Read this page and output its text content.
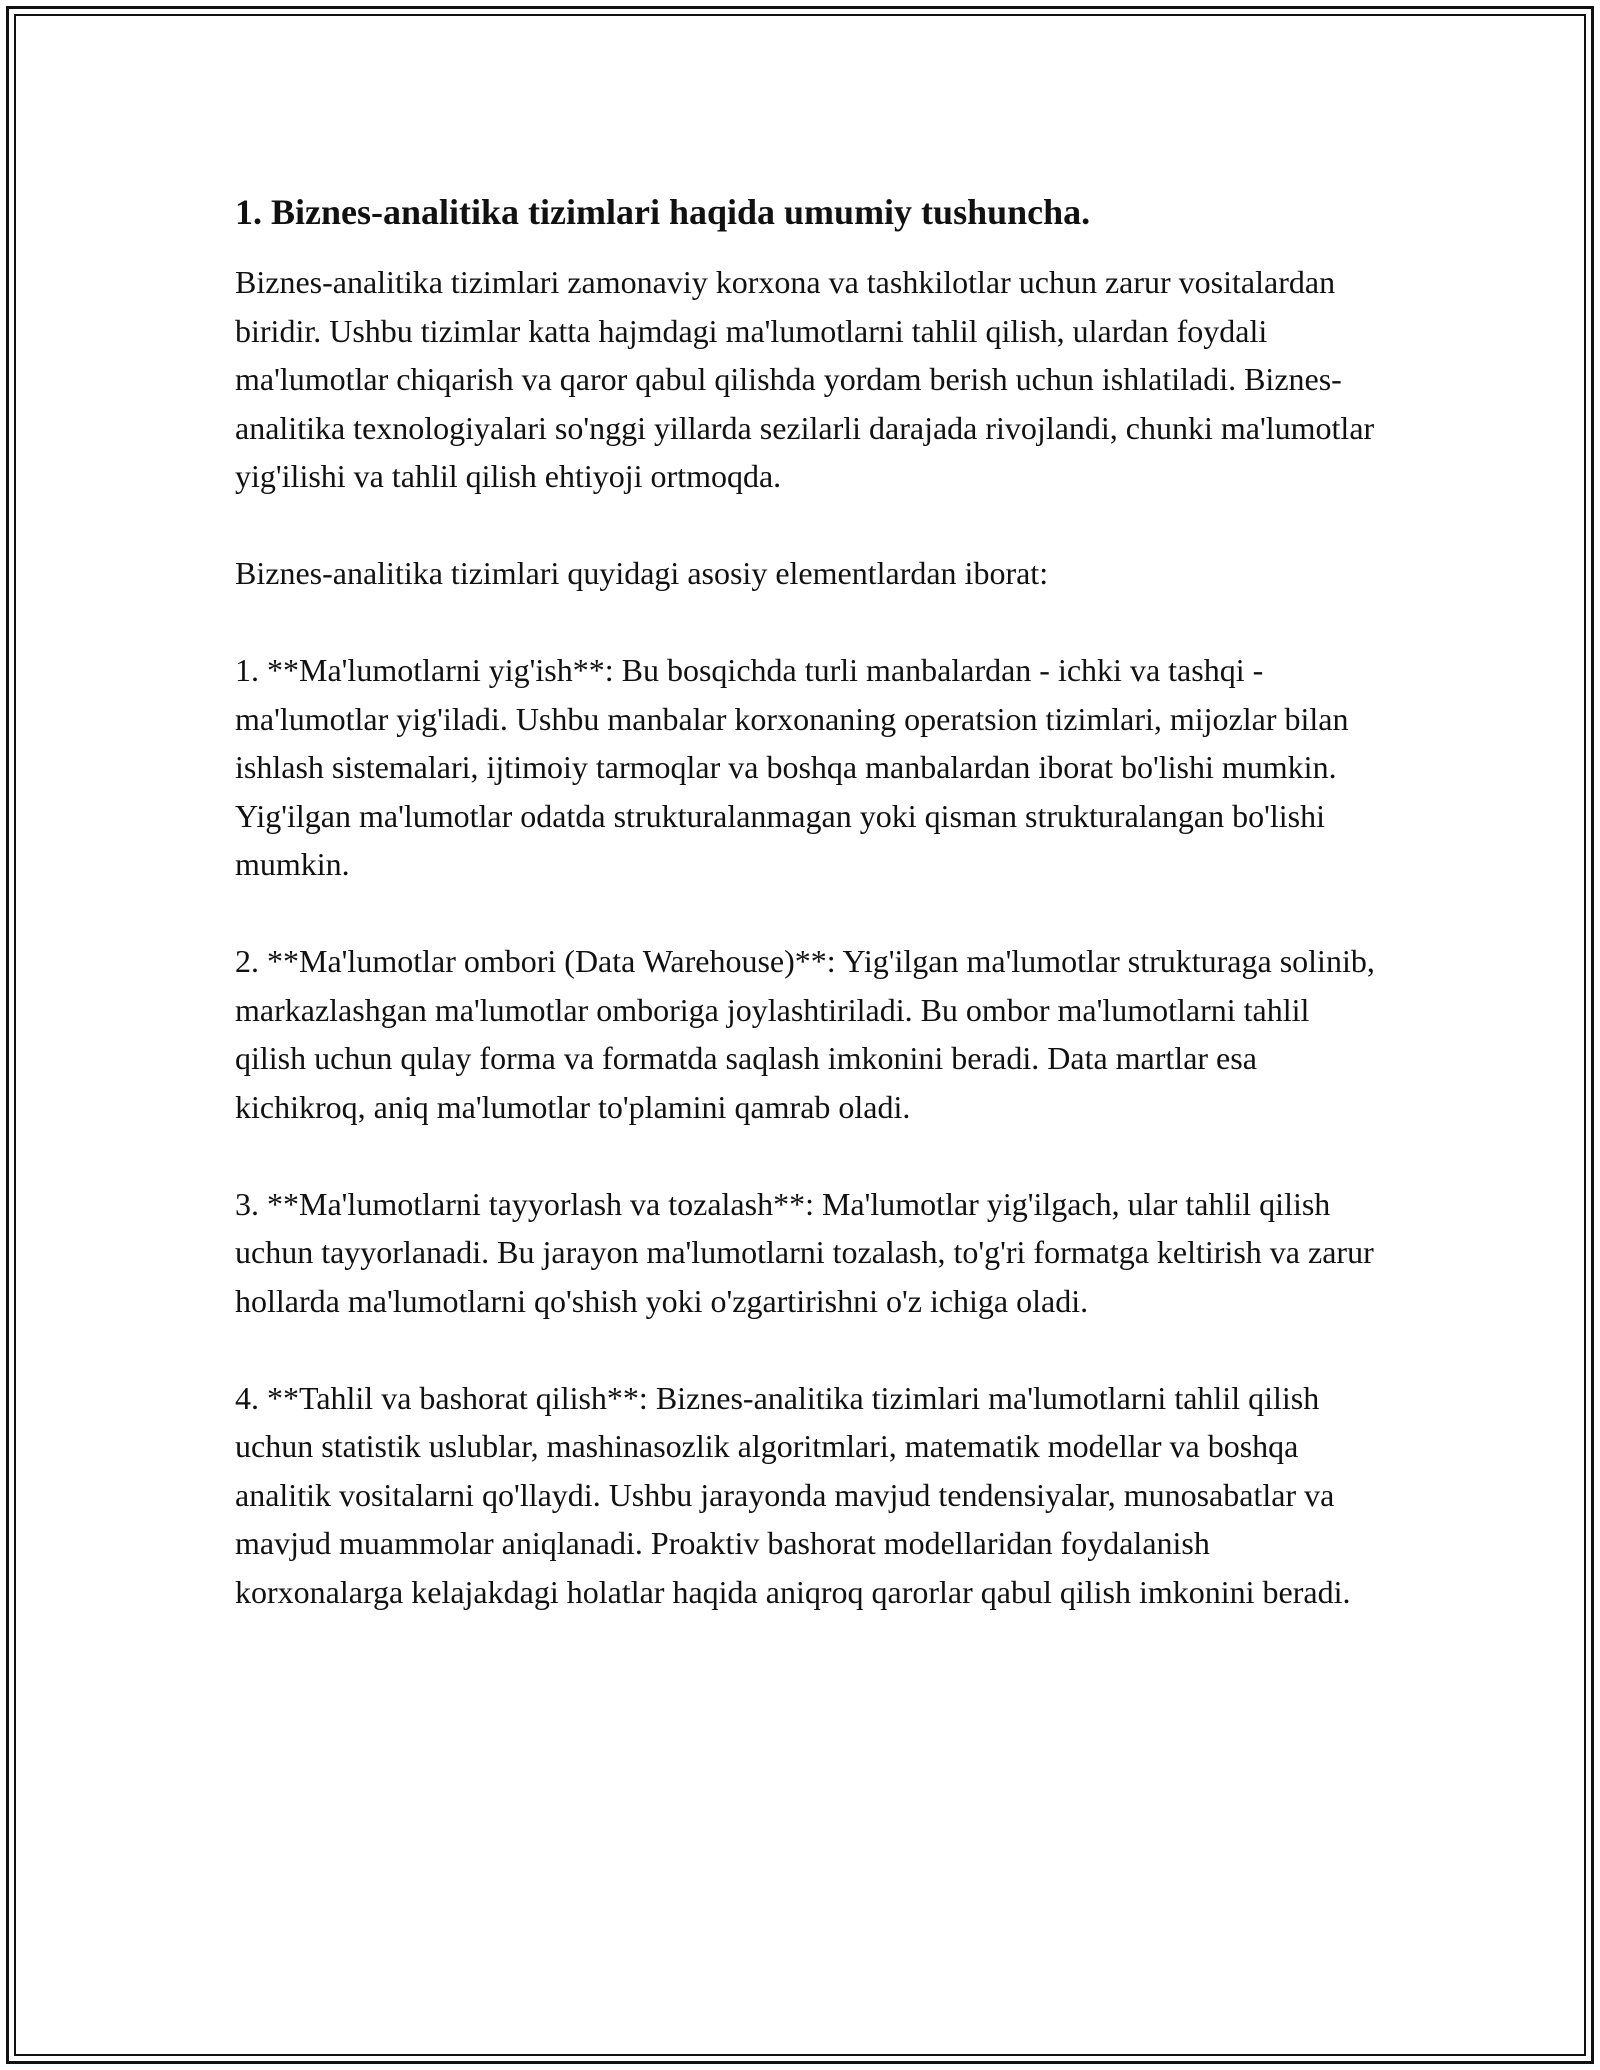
1. Biznes-analitika tizimlari haqida umumiy tushuncha.

Biznes-analitika tizimlari zamonaviy korxona va tashkilotlar uchun zarur vositalardan biridir. Ushbu tizimlar katta hajmdagi ma'lumotlarni tahlil qilish, ulardan foydali ma'lumotlar chiqarish va qaror qabul qilishda yordam berish uchun ishlatiladi. Biznes-analitika texnologiyalari so'nggi yillarda sezilarli darajada rivojlandi, chunki ma'lumotlar yig'ilishi va tahlil qilish ehtiyoji ortmoqda.

Biznes-analitika tizimlari quyidagi asosiy elementlardan iborat:

1. **Ma'lumotlarni yig'ish**: Bu bosqichda turli manbalardan - ichki va tashqi - ma'lumotlar yig'iladi. Ushbu manbalar korxonaning operatsion tizimlari, mijozlar bilan ishlash sistemalari, ijtimoiy tarmoqlar va boshqa manbalardan iborat bo'lishi mumkin. Yig'ilgan ma'lumotlar odatda strukturalanmagan yoki qisman strukturalangan bo'lishi mumkin.

2. **Ma'lumotlar ombori (Data Warehouse)**: Yig'ilgan ma'lumotlar strukturaga solinib, markazlashgan ma'lumotlar omboriga joylashtiriladi. Bu ombor ma'lumotlarni tahlil qilish uchun qulay forma va formatda saqlash imkonini beradi. Data martlar esa kichikroq, aniq ma'lumotlar to'plamini qamrab oladi.

3. **Ma'lumotlarni tayyorlash va tozalash**: Ma'lumotlar yig'ilgach, ular tahlil qilish uchun tayyorlanadi. Bu jarayon ma'lumotlarni tozalash, to'g'ri formatga keltirish va zarur hollarda ma'lumotlarni qo'shish yoki o'zgartirishni o'z ichiga oladi.

4. **Tahlil va bashorat qilish**: Biznes-analitika tizimlari ma'lumotlarni tahlil qilish uchun statistik uslublar, mashinasozlik algoritmlari, matematik modellar va boshqa analitik vositalarni qo'llaydi. Ushbu jarayonda mavjud tendensiyalar, munosabatlar va mavjud muammolar aniqlanadi. Proaktiv bashorat modellaridan foydalanish korxonalarga kelajakdagi holatlar haqida aniqroq qarorlar qabul qilish imkonini beradi.
